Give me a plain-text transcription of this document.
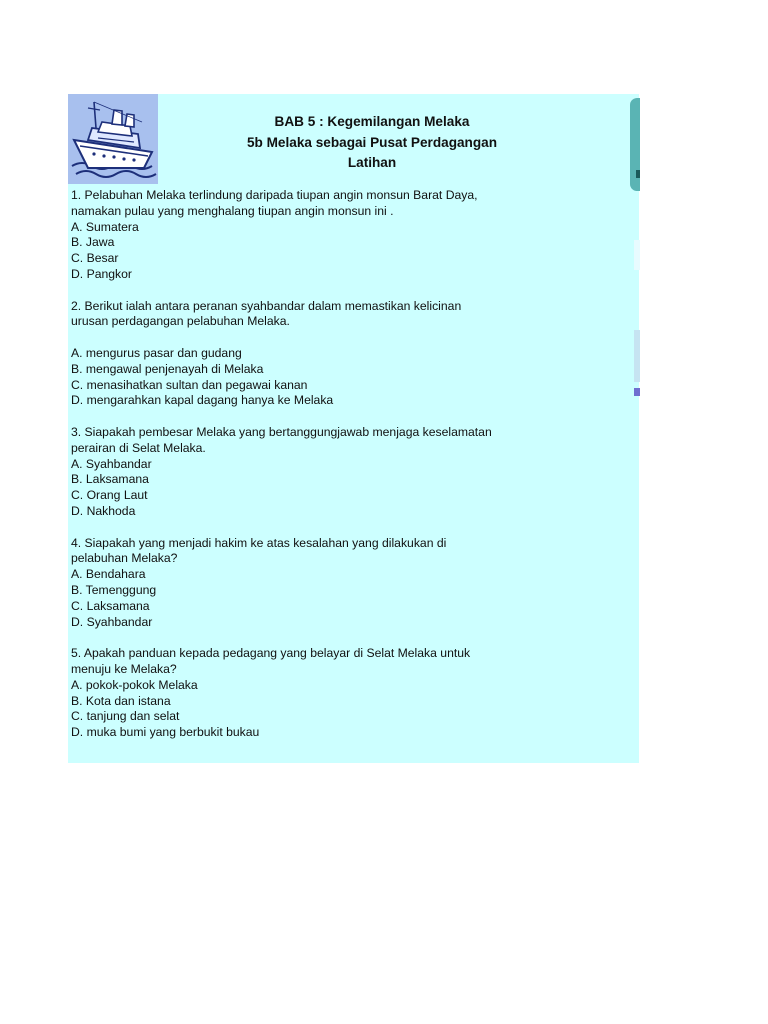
BAB 5 : Kegemilangan Melaka
5b Melaka sebagai Pusat Perdagangan
Latihan
1. Pelabuhan Melaka terlindung daripada tiupan angin monsun Barat Daya,
namakan pulau yang menghalang tiupan angin monsun ini .
A. Sumatera
B. Jawa
C. Besar
D. Pangkor
2. Berikut ialah antara peranan syahbandar dalam memastikan kelicinan
urusan perdagangan pelabuhan Melaka.
A. mengurus pasar dan gudang
B. mengawal penjenayah di Melaka
C. menasihatkan sultan dan pegawai kanan
D. mengarahkan kapal dagang hanya ke Melaka
3. Siapakah pembesar Melaka yang bertanggungjawab menjaga keselamatan
perairan di Selat Melaka.
A. Syahbandar
B. Laksamana
C. Orang Laut
D. Nakhoda
4. Siapakah yang menjadi hakim ke atas kesalahan yang dilakukan di
pelabuhan Melaka?
A. Bendahara
B. Temenggung
C. Laksamana
D. Syahbandar
5. Apakah panduan kepada pedagang yang belayar di Selat Melaka untuk
menuju ke Melaka?
A. pokok-pokok Melaka
B. Kota dan istana
C. tanjung dan selat
D. muka bumi yang berbukit bukau
